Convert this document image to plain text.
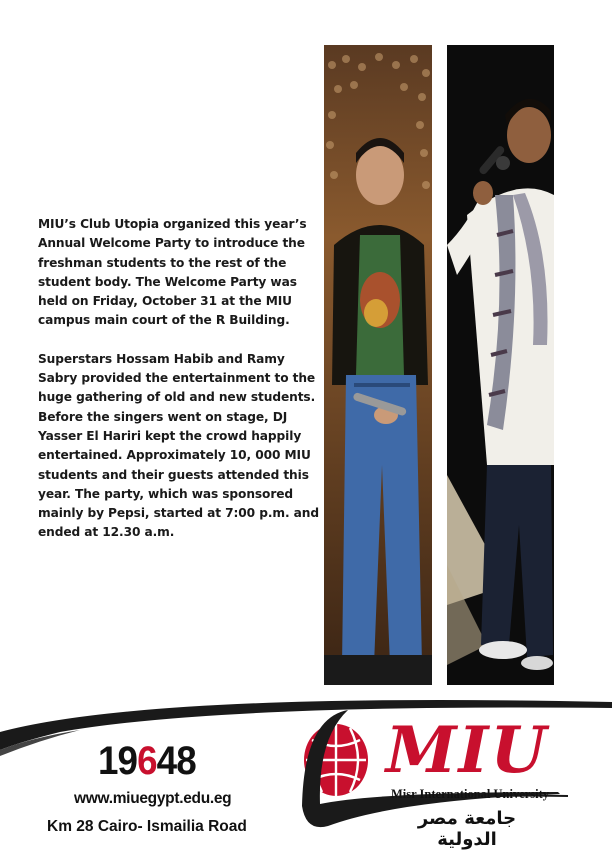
MIU’s Club Utopia organized this year’s Annual Welcome Party to introduce the freshman students to the rest of the student body. The Welcome Party was held on Friday, October 31 at the MIU campus main court of the R Building.

Superstars Hossam Habib and Ramy Sabry provided the entertainment to the huge gathering of old and new students. Before the singers went on stage, DJ Yasser El Hariri kept the crowd happily entertained. Approximately 10, 000 MIU students and their guests attended this year. The party, which was sponsored mainly by Pepsi, started at 7:00 p.m. and ended at 12.30 a.m.

19648
www.miuegypt.edu.eg
Km 28 Cairo- Ismailia Road
MIU
Misr International University
جامعة مصر الدولية
